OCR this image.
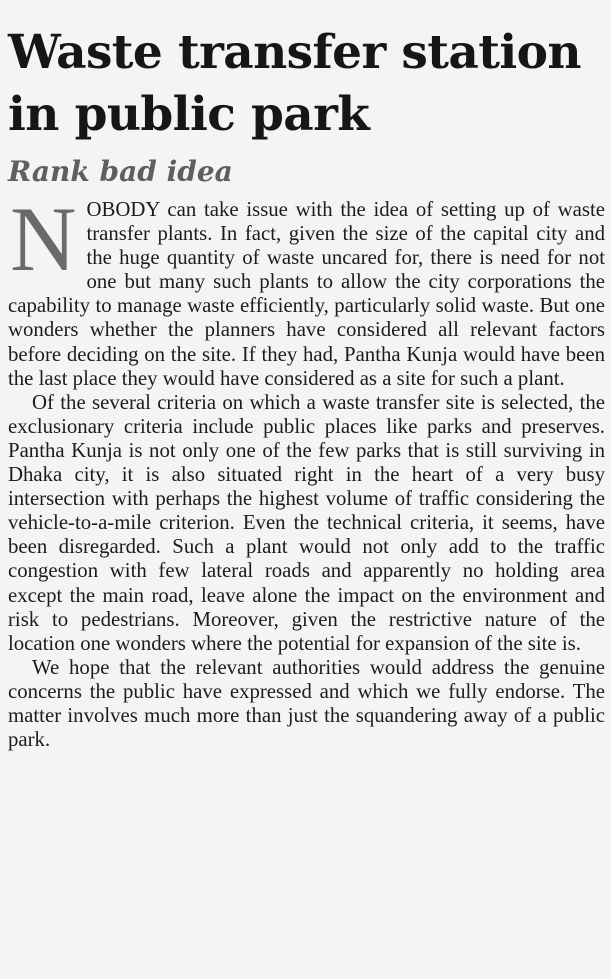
Waste transfer station in public park
Rank bad idea

NOBODY can take issue with the idea of setting up of waste transfer plants. In fact, given the size of the capital city and the huge quantity of waste uncared for, there is need for not one but many such plants to allow the city corporations the capability to manage waste efficiently, particularly solid waste. But one wonders whether the planners have considered all relevant factors before deciding on the site. If they had, Pantha Kunja would have been the last place they would have considered as a site for such a plant.

Of the several criteria on which a waste transfer site is selected, the exclusionary criteria include public places like parks and preserves. Pantha Kunja is not only one of the few parks that is still surviving in Dhaka city, it is also situated right in the heart of a very busy intersection with perhaps the highest volume of traffic considering the vehicle-to-a-mile criterion. Even the technical criteria, it seems, have been disregarded. Such a plant would not only add to the traffic congestion with few lateral roads and apparently no holding area except the main road, leave alone the impact on the environment and risk to pedestrians. Moreover, given the restrictive nature of the location one wonders where the potential for expansion of the site is.

We hope that the relevant authorities would address the genuine concerns the public have expressed and which we fully endorse. The matter involves much more than just the squandering away of a public park.
